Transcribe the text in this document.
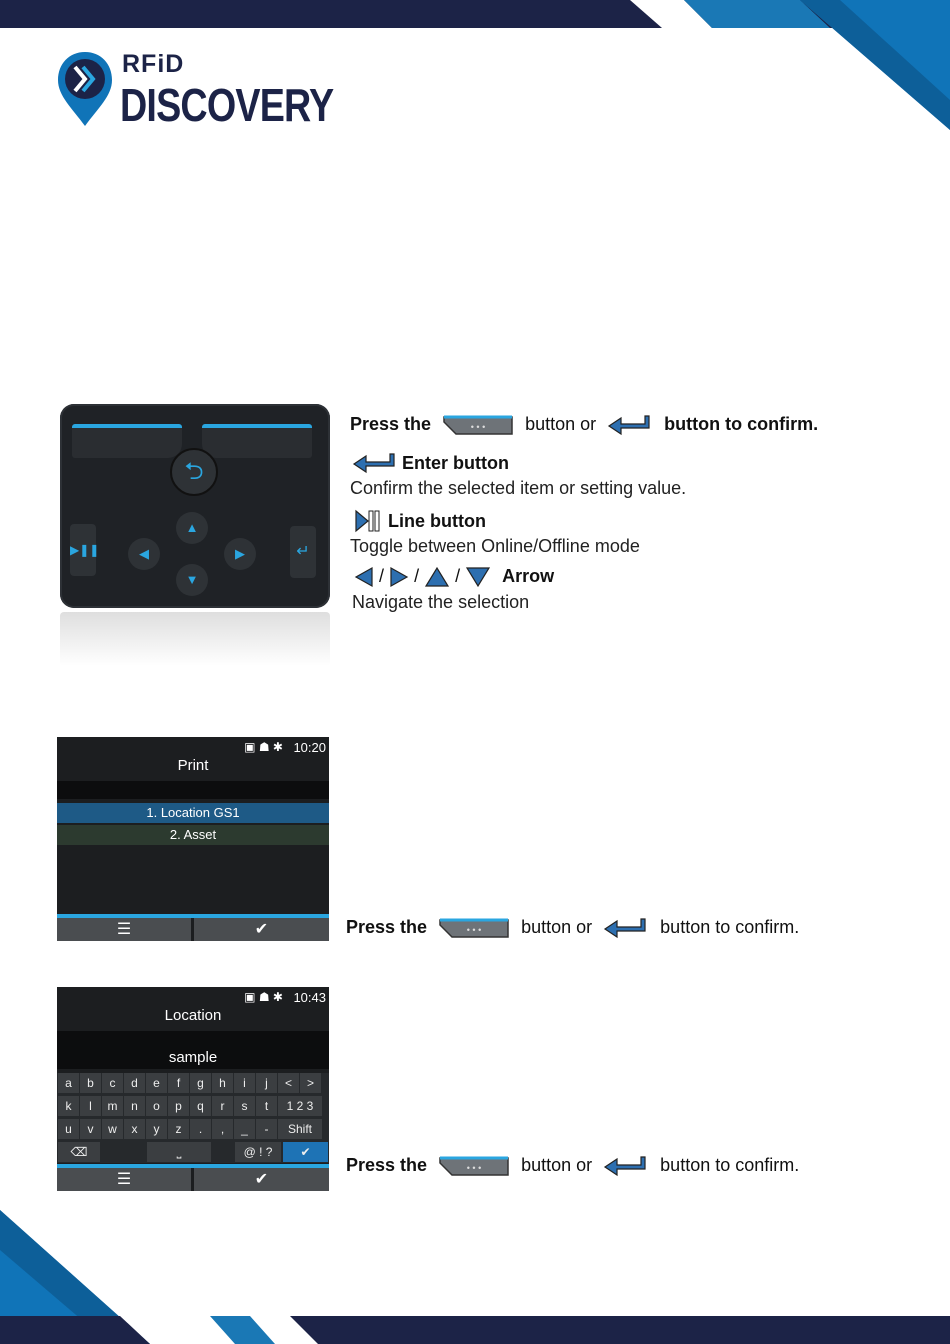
RFiD
DISCOVERY
⮌
▶❚❚	↵
▲
▼
◀	▶
Press the	• • • button or	button to confirm.
Enter button
Confirm the selected item or setting value.
Line button
Toggle between Online/Offline mode
/ / / Arrow
Navigate the selection
▣ ☗ ✱ 10:20
Print
1. Location GS1
2. Asset
☰	✔	Press the	• • • button or	button to confirm.
▣ ☗ ✱ 10:43
Location
sample
a	b	c	d	e	f	g	h	i	j	<	>
k	l	m	n	o	p	q	r	s	t	1 2 3
u	v	w	x	y	z	.	,	_	-	Shift
⌫	⎵	@ ! ?	✔
☰	✔
Press the	• • • button or	button to confirm.
